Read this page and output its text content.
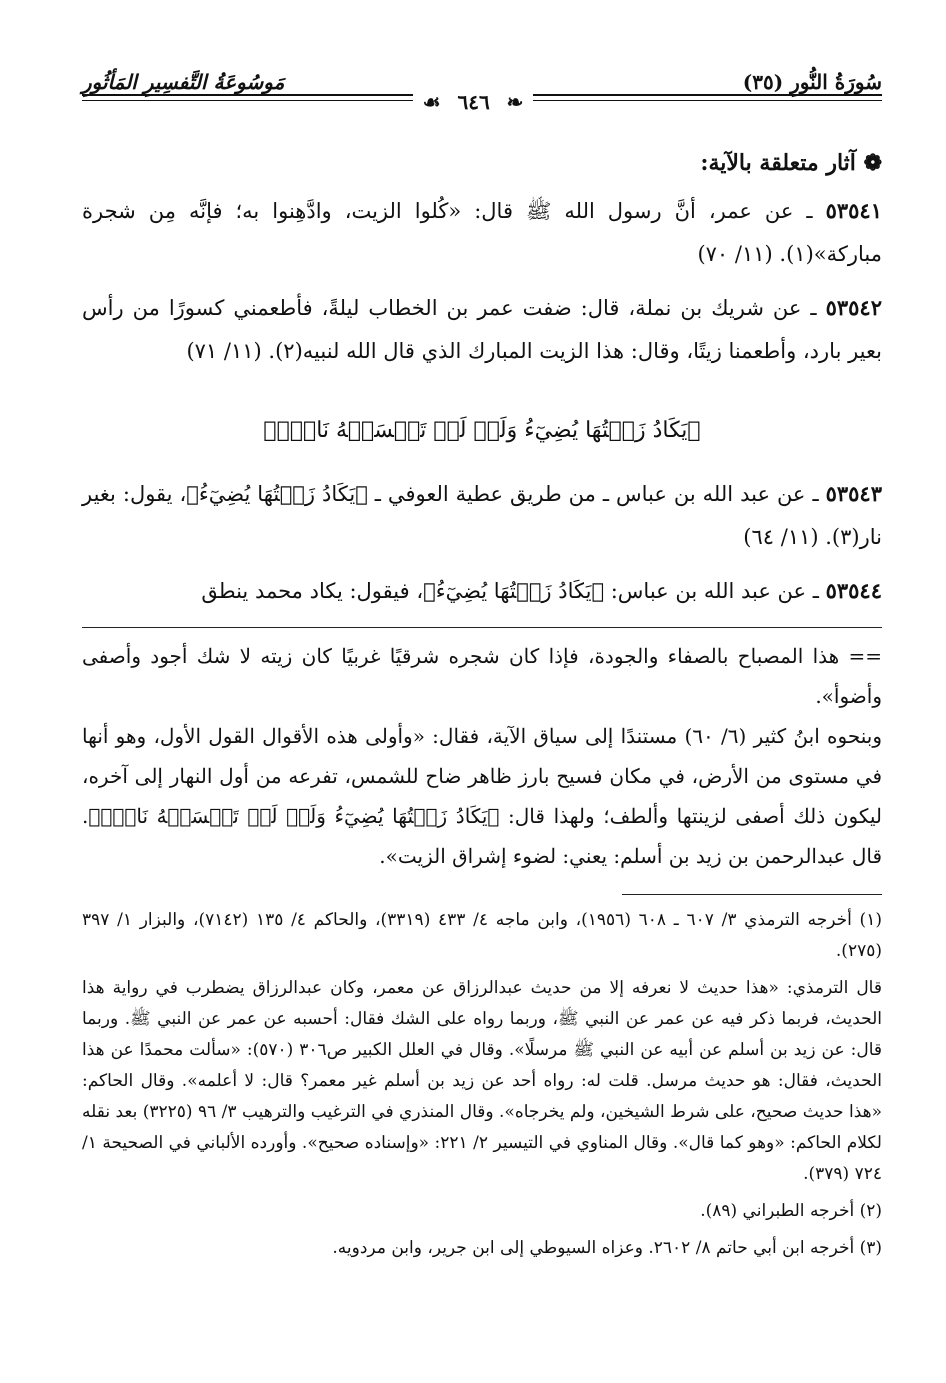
سُورَةُ النُّورِ (٣٥)
مَوسُوعَةُ التَّفسِيرِ المَأثُورِ
❧ ٦٤٦ ☙

❁ آثار متعلقة بالآية:

٥٣٥٤١ ـ عن عمر، أنَّ رسول الله ﷺ قال: «كُلوا الزيت، وادَّهِنوا به؛ فإنَّه مِن شجرة مباركة»(١). (١١/ ٧٠)

٥٣٥٤٢ ـ عن شريك بن نملة، قال: ضفت عمر بن الخطاب ليلةً، فأطعمني كسورًا من رأس بعير بارد، وأطعمنا زيتًا، وقال: هذا الزيت المبارك الذي قال الله لنبيه(٢). (١١/ ٧١)

﴿يَكَادُ زَيۡتُهَا يُضِيٓءُ وَلَوۡ لَمۡ تَمۡسَسۡهُ نَارٞۚ﴾

٥٣٥٤٣ ـ عن عبد الله بن عباس ـ من طريق عطية العوفي ـ ﴿يَكَادُ زَيۡتُهَا يُضِيٓءُ﴾، يقول: بغير نار(٣). (١١/ ٦٤)

٥٣٥٤٤ ـ عن عبد الله بن عباس: ﴿يَكَادُ زَيۡتُهَا يُضِيٓءُ﴾، فيقول: يكاد محمد ينطق

== هذا المصباح بالصفاء والجودة، فإذا كان شجره شرقيًا غربيًا كان زيته لا شك أجود وأصفى وأضوأ».

وبنحوه ابنُ كثير (٦/ ٦٠) مستندًا إلى سياق الآية، فقال: «وأولى هذه الأقوال القول الأول، وهو أنها في مستوى من الأرض، في مكان فسيح بارز ظاهر ضاح للشمس، تفرعه من أول النهار إلى آخره، ليكون ذلك أصفى لزينتها وألطف؛ ولهذا قال: ﴿يَكَادُ زَيۡتُهَا يُضِيٓءُ وَلَوۡ لَمۡ تَمۡسَسۡهُ نَارٞۚ﴾. قال عبدالرحمن بن زيد بن أسلم: يعني: لضوء إشراق الزيت».

(١) أخرجه الترمذي ٣/ ٦٠٧ ـ ٦٠٨ (١٩٥٦)، وابن ماجه ٤/ ٤٣٣ (٣٣١٩)، والحاكم ٤/ ١٣٥ (٧١٤٢)، والبزار ١/ ٣٩٧ (٢٧٥).

قال الترمذي: «هذا حديث لا نعرفه إلا من حديث عبدالرزاق عن معمر، وكان عبدالرزاق يضطرب في رواية هذا الحديث، فربما ذكر فيه عن عمر عن النبي ﷺ، وربما رواه على الشك فقال: أحسبه عن عمر عن النبي ﷺ. وربما قال: عن زيد بن أسلم عن أبيه عن النبي ﷺ مرسلًا». وقال في العلل الكبير ص٣٠٦ (٥٧٠): «سألت محمدًا عن هذا الحديث، فقال: هو حديث مرسل. قلت له: رواه أحد عن زيد بن أسلم غير معمر؟ قال: لا أعلمه». وقال الحاكم: «هذا حديث صحيح، على شرط الشيخين، ولم يخرجاه». وقال المنذري في الترغيب والترهيب ٣/ ٩٦ (٣٢٢٥) بعد نقله لكلام الحاكم: «وهو كما قال». وقال المناوي في التيسير ٢/ ٢٢١: «وإسناده صحيح». وأورده الألباني في الصحيحة ١/ ٧٢٤ (٣٧٩).

(٢) أخرجه الطبراني (٨٩).

(٣) أخرجه ابن أبي حاتم ٨/ ٢٦٠٢. وعزاه السيوطي إلى ابن جرير، وابن مردويه.
